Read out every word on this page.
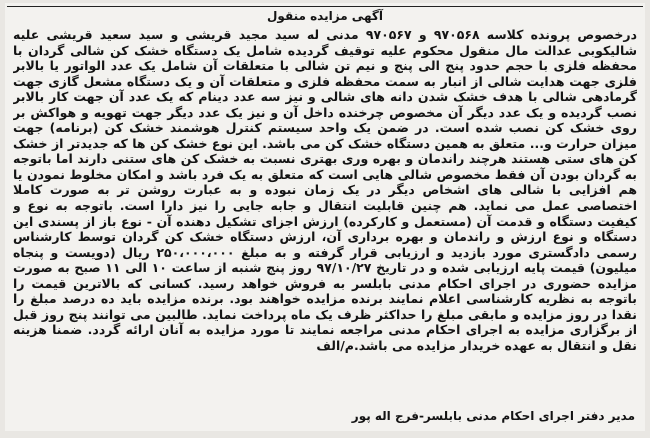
آگهی مزایده منقول
درخصوص پرونده کلاسه ۹۷۰۵۶۸ و ۹۷۰۵۶۷ مدنی له سید مجید قریشی و سید سعید قریشی علیه شالیکوبی عدالت مال منقول محکوم علیه توقیف گردیده شامل یک دستگاه خشک کن شالی گردان با محفظه فلزی با حجم حدود پنج الی پنج و نیم تن شالی با متعلقات آن شامل یک عدد الواتور یا بالابر فلزی جهت هدایت شالی از انبار به سمت محفظه فلزی و متعلقات آن و یک دستگاه مشعل گازی جهت گرمادهی شالی با هدف خشک شدن دانه های شالی و نیز سه عدد دینام که یک عدد آن جهت کار بالابر نصب گردیده و یک عدد دیگر آن مخصوص چرخنده داخل آن و نیز یک عدد دیگر جهت تهویه و هواکش بر روی خشک کن نصب شده است. در ضمن یک واحد سیستم کنترل هوشمند خشک کن (برنامه) جهت میزان حرارت و... متعلق به همین دستگاه خشک کن می باشد. این نوع خشک کن ها که جدیدتر از خشک کن های ستی هستند هرچند راندمان و بهره وری بهتری نسبت به خشک کن های ستنی دارند اما باتوجه به گردان بودن آن فقط مخصوص شالی هایی است که متعلق به یک فرد باشد و امکان مخلوط نمودن یا هم افزایی با شالی های اشخاص دیگر در یک زمان نبوده و به عبارت روشن تر به صورت کاملا اختصاصی عمل می نماید. هم چنین قابلیت انتقال و جابه جایی را نیز دارا است. باتوجه به نوع و کیفیت دستگاه و قدمت آن (مستعمل و کارکرده) ارزش اجزای تشکیل دهنده آن - نوع باز از پسندی این دستگاه و نوع ارزش و راندمان و بهره برداری آن، ارزش دستگاه خشک کن گردان توسط کارشناس رسمی دادگستری مورد بازدید و ارزیابی قرار گرفته و به مبلغ ۲۵۰،۰۰۰،۰۰۰ ریال (دویست و پنجاه میلیون) قیمت پایه ارزیابی شده و در تاریخ ۹۷/۱۰/۲۷ روز پنج شنبه از ساعت ۱۰ الی ۱۱ صبح به صورت مزایده حضوری در اجرای احکام مدنی بابلسر به فروش خواهد رسید. کسانی که بالاترین قیمت را باتوجه به نظریه کارشناسی اعلام نمایند برنده مزایده خواهند بود. برنده مزایده باید ده درصد مبلغ را نقدا در روز مزایده و مابقی مبلغ را حداکثر ظرف یک ماه پرداخت نماید. طالبین می توانند پنج روز قبل از برگزاری مزایده به اجرای احکام مدنی مراجعه نمایند تا مورد مزایده به آنان ارائه گردد. ضمنا هزینه نقل و انتقال به عهده خریدار مزایده می باشد.م/الف
مدیر دفتر اجرای احکام مدنی بابلسر-فرج اله پور
